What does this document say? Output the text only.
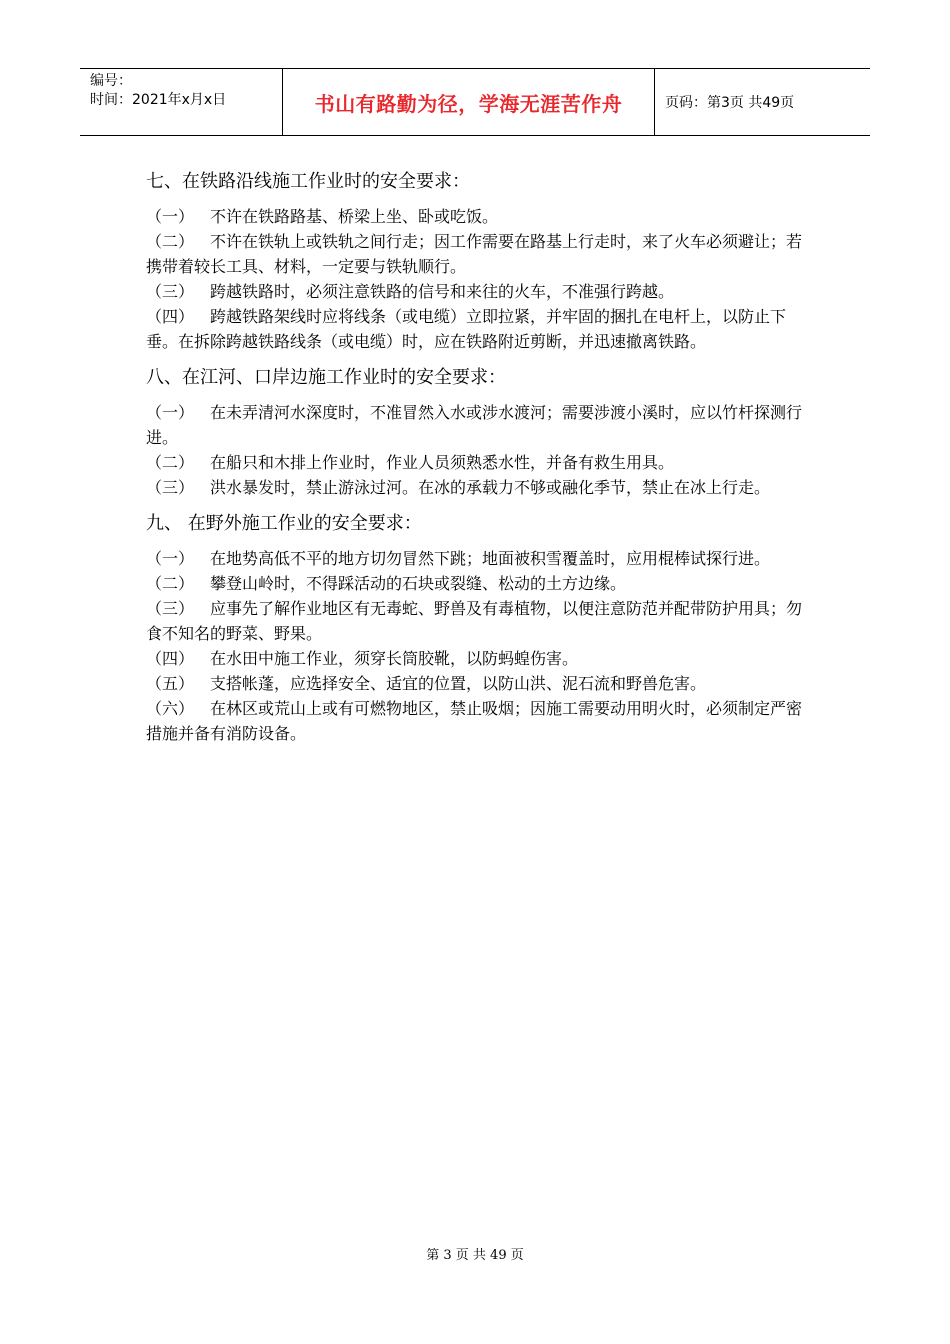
编号：
时间：2021年x月x日	书山有路勤为径，学海无涯苦作舟	页码：第3页 共49页

七、在铁路沿线施工作业时的安全要求：

（一） 不许在铁路路基、桥梁上坐、卧或吃饭。

（二） 不许在铁轨上或铁轨之间行走；因工作需要在路基上行走时，来了火车必须避让；若携带着较长工具、材料，一定要与铁轨顺行。

（三） 跨越铁路时，必须注意铁路的信号和来往的火车，不准强行跨越。

（四） 跨越铁路架线时应将线条（或电缆）立即拉紧，并牢固的捆扎在电杆上，以防止下垂。在拆除跨越铁路线条（或电缆）时，应在铁路附近剪断，并迅速撤离铁路。

八、在江河、口岸边施工作业时的安全要求：

（一） 在未弄清河水深度时，不准冒然入水或涉水渡河；需要涉渡小溪时，应以竹杆探测行进。

（二） 在船只和木排上作业时，作业人员须熟悉水性，并备有救生用具。

（三） 洪水暴发时，禁止游泳过河。在冰的承载力不够或融化季节，禁止在冰上行走。

九、 在野外施工作业的安全要求：

（一） 在地势高低不平的地方切勿冒然下跳；地面被积雪覆盖时，应用棍棒试探行进。

（二） 攀登山岭时，不得踩活动的石块或裂缝、松动的土方边缘。

（三） 应事先了解作业地区有无毒蛇、野兽及有毒植物，以便注意防范并配带防护用具；勿食不知名的野菜、野果。

（四） 在水田中施工作业，须穿长筒胶靴，以防蚂蝗伤害。

（五） 支搭帐蓬，应选择安全、适宜的位置，以防山洪、泥石流和野兽危害。

（六） 在林区或荒山上或有可燃物地区，禁止吸烟；因施工需要动用明火时，必须制定严密措施并备有消防设备。

第 3 页 共 49 页
